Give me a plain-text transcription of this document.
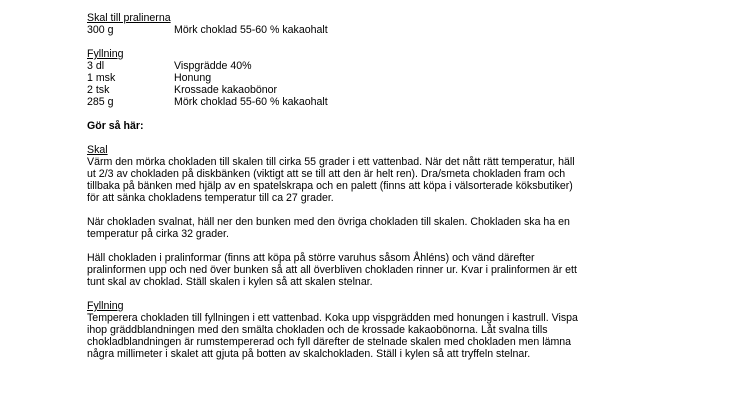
Skal till pralinerna
300 g	Mörk choklad 55-60 % kakaohalt
Fyllning
3 dl	Vispgrädde 40%
1 msk	Honung
2 tsk	Krossade kakaobönor
285 g	Mörk choklad 55-60 % kakaohalt
Gör så här:
Skal
Värm den mörka chokladen till skalen till cirka 55 grader i ett vattenbad. När det nått rätt temperatur, häll
ut 2/3 av chokladen på diskbänken (viktigt att se till att den är helt ren). Dra/smeta chokladen fram och
tillbaka på bänken med hjälp av en spatelskrapa och en palett (finns att köpa i välsorterade köksbutiker)
för att sänka chokladens temperatur till ca 27 grader.
När chokladen svalnat, häll ner den bunken med den övriga chokladen till skalen. Chokladen ska ha en
temperatur på cirka 32 grader.
Häll chokladen i pralinformar (finns att köpa på större varuhus såsom Åhléns) och vänd därefter
pralinformen upp och ned över bunken så att all överbliven chokladen rinner ur. Kvar i pralinformen är ett
tunt skal av choklad. Ställ skalen i kylen så att skalen stelnar.
Fyllning
Temperera chokladen till fyllningen i ett vattenbad. Koka upp vispgrädden med honungen i kastrull. Vispa
ihop gräddblandningen med den smälta chokladen och de krossade kakaobönorna. Låt svalna tills
chokladblandningen är rumstempererad och fyll därefter de stelnade skalen med chokladen men lämna
några millimeter i skalet att gjuta på botten av skalchokladen. Ställ i kylen så att tryffeln stelnar.
